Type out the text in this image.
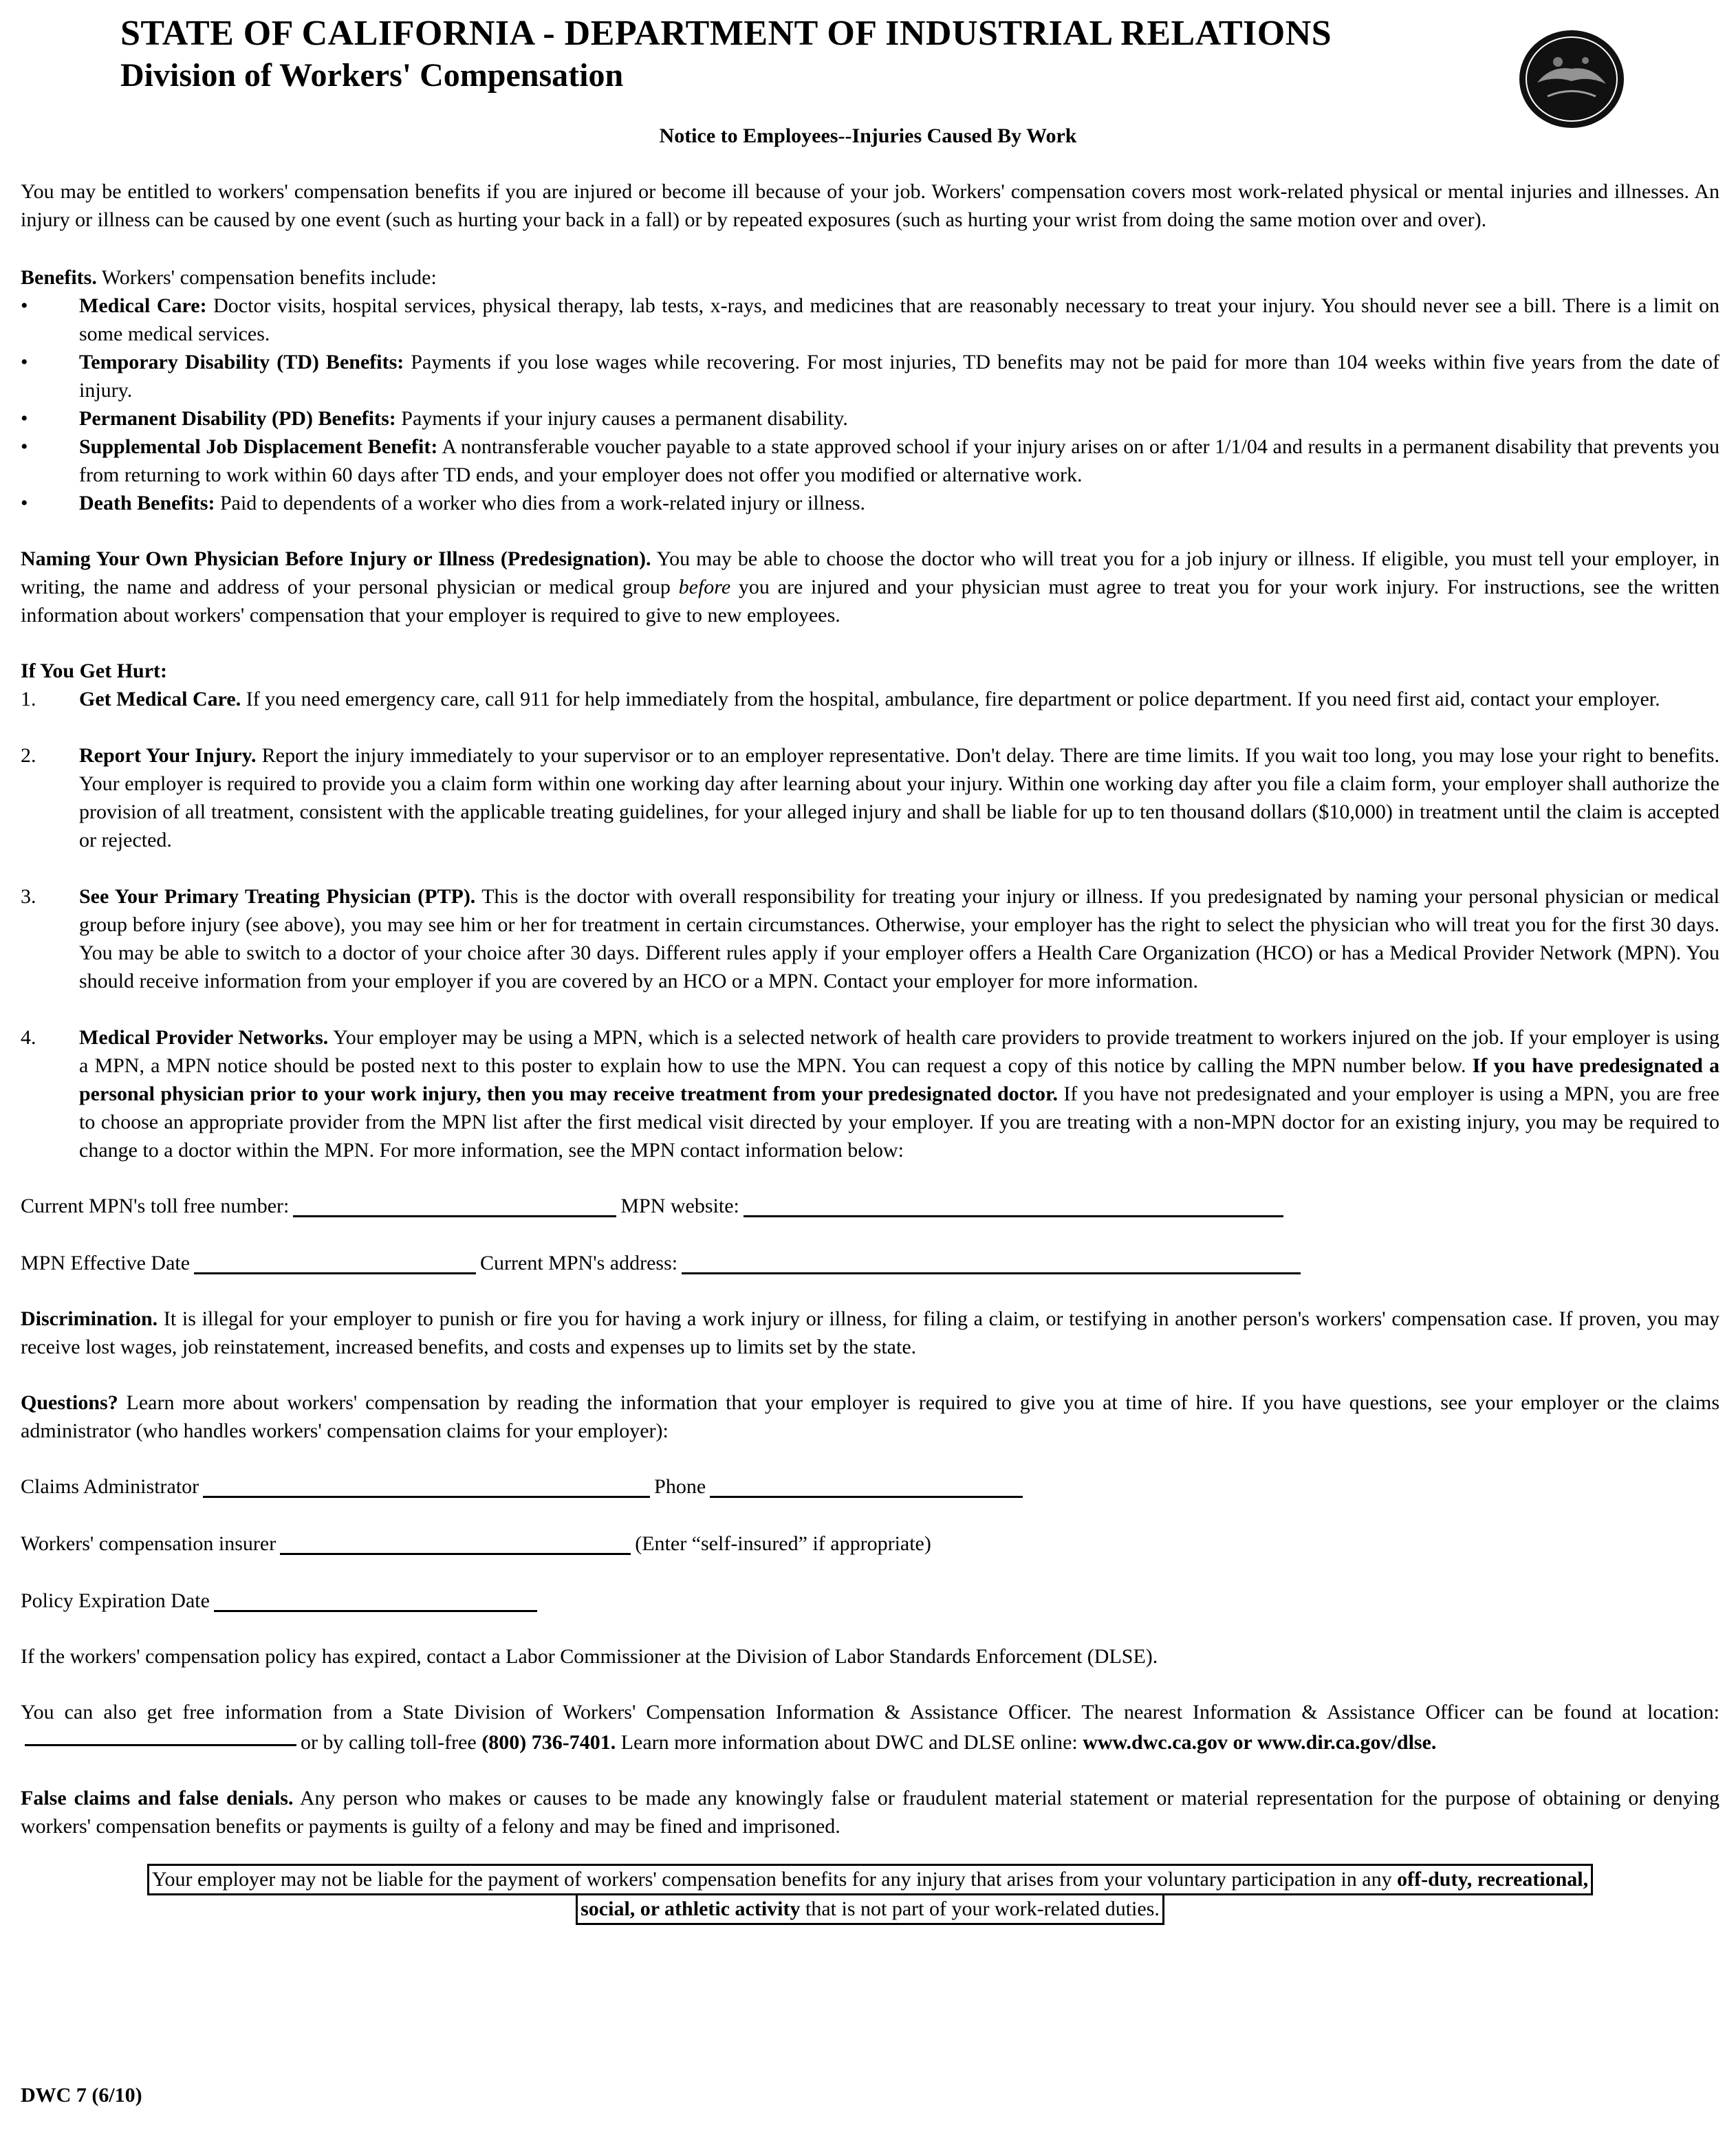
STATE OF CALIFORNIA - DEPARTMENT OF INDUSTRIAL RELATIONS
Division of Workers' Compensation
Notice to Employees--Injuries Caused By Work

You may be entitled to workers' compensation benefits if you are injured or become ill because of your job. Workers' compensation covers most work-related physical or mental injuries and illnesses. An injury or illness can be caused by one event (such as hurting your back in a fall) or by repeated exposures (such as hurting your wrist from doing the same motion over and over).

Benefits. Workers' compensation benefits include:

• Medical Care: Doctor visits, hospital services, physical therapy, lab tests, x-rays, and medicines that are reasonably necessary to treat your injury. You should never see a bill. There is a limit on some medical services.
• Temporary Disability (TD) Benefits: Payments if you lose wages while recovering. For most injuries, TD benefits may not be paid for more than 104 weeks within five years from the date of injury.
• Permanent Disability (PD) Benefits: Payments if your injury causes a permanent disability.
• Supplemental Job Displacement Benefit: A nontransferable voucher payable to a state approved school if your injury arises on or after 1/1/04 and results in a permanent disability that prevents you from returning to work within 60 days after TD ends, and your employer does not offer you modified or alternative work.
• Death Benefits: Paid to dependents of a worker who dies from a work-related injury or illness.

Naming Your Own Physician Before Injury or Illness (Predesignation). You may be able to choose the doctor who will treat you for a job injury or illness. If eligible, you must tell your employer, in writing, the name and address of your personal physician or medical group before you are injured and your physician must agree to treat you for your work injury. For instructions, see the written information about workers' compensation that your employer is required to give to new employees.

If You Get Hurt:

1. Get Medical Care. If you need emergency care, call 911 for help immediately from the hospital, ambulance, fire department or police department. If you need first aid, contact your employer.
2. Report Your Injury. Report the injury immediately to your supervisor or to an employer representative. Don't delay. There are time limits. If you wait too long, you may lose your right to benefits. Your employer is required to provide you a claim form within one working day after learning about your injury. Within one working day after you file a claim form, your employer shall authorize the provision of all treatment, consistent with the applicable treating guidelines, for your alleged injury and shall be liable for up to ten thousand dollars ($10,000) in treatment until the claim is accepted or rejected.
3. See Your Primary Treating Physician (PTP). This is the doctor with overall responsibility for treating your injury or illness. If you predesignated by naming your personal physician or medical group before injury (see above), you may see him or her for treatment in certain circumstances. Otherwise, your employer has the right to select the physician who will treat you for the first 30 days. You may be able to switch to a doctor of your choice after 30 days. Different rules apply if your employer offers a Health Care Organization (HCO) or has a Medical Provider Network (MPN). You should receive information from your employer if you are covered by an HCO or a MPN. Contact your employer for more information.
4. Medical Provider Networks. Your employer may be using a MPN, which is a selected network of health care providers to provide treatment to workers injured on the job. If your employer is using a MPN, a MPN notice should be posted next to this poster to explain how to use the MPN. You can request a copy of this notice by calling the MPN number below. If you have predesignated a personal physician prior to your work injury, then you may receive treatment from your predesignated doctor. If you have not predesignated and your employer is using a MPN, you are free to choose an appropriate provider from the MPN list after the first medical visit directed by your employer. If you are treating with a non-MPN doctor for an existing injury, you may be required to change to a doctor within the MPN. For more information, see the MPN contact information below:
Current MPN's toll free number:	MPN website:
MPN Effective Date	Current MPN's address:

Discrimination. It is illegal for your employer to punish or fire you for having a work injury or illness, for filing a claim, or testifying in another person's workers' compensation case. If proven, you may receive lost wages, job reinstatement, increased benefits, and costs and expenses up to limits set by the state.

Questions? Learn more about workers' compensation by reading the information that your employer is required to give you at time of hire. If you have questions, see your employer or the claims administrator (who handles workers' compensation claims for your employer):

Claims Administrator	Phone
Workers' compensation insurer	(Enter “self-insured” if appropriate)
Policy Expiration Date

If the workers' compensation policy has expired, contact a Labor Commissioner at the Division of Labor Standards Enforcement (DLSE).

You can also get free information from a State Division of Workers' Compensation Information & Assistance Officer. The nearest Information & Assistance Officer can be found at location:or by calling toll-free (800) 736-7401. Learn more information about DWC and DLSE online: www.dwc.ca.gov or www.dir.ca.gov/dlse.

False claims and false denials. Any person who makes or causes to be made any knowingly false or fraudulent material statement or material representation for the purpose of obtaining or denying workers' compensation benefits or payments is guilty of a felony and may be fined and imprisoned.

Your employer may not be liable for the payment of workers' compensation benefits for any injury that arises from your voluntary participation in any off-duty, recreational,
social, or athletic activity that is not part of your work-related duties.
DWC 7 (6/10)
